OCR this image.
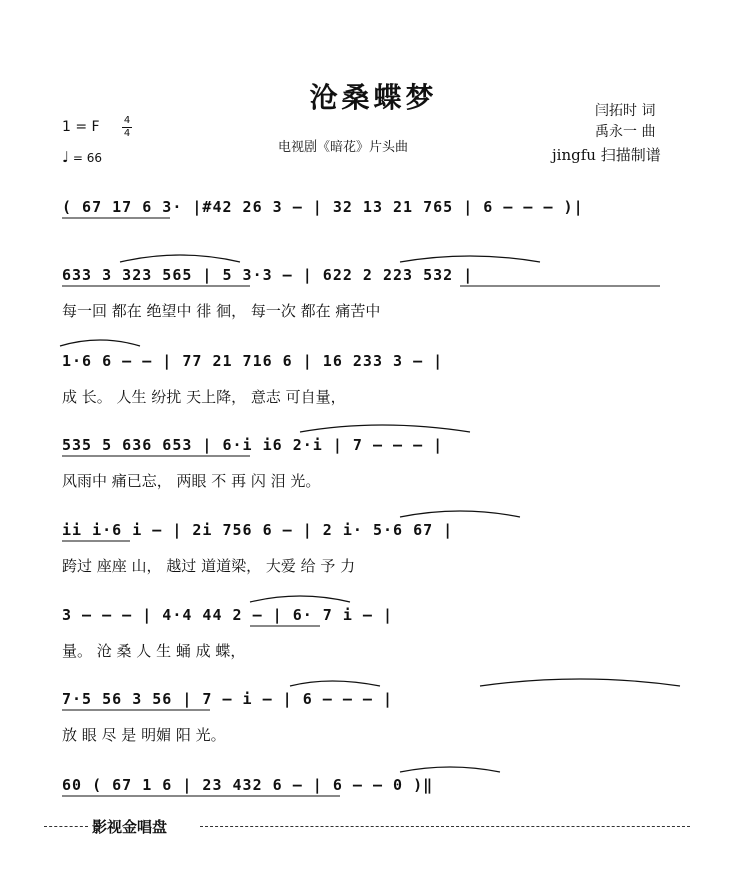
沧桑蝶梦
电视剧《暗花》片头曲
闫拓时 词
禹永一 曲
jingfu 扫描制谱
1 = F 4
4
♩ = 66
( 67 17 6 3· |#42 26 3 – | 32 13 21 765 | 6 – – – )|
633 3 323 565 | 5 3·3 – | 622 2 223 532 |
每一回 都在 绝望中 徘 徊， 每一次 都在 痛苦中
1·6 6 – – | 77 21 716 6 | 16 233 3 – |
成 长。 人生 纷扰 天上降， 意志 可自量，
535 5 636 653 | 6·i i6 2·i | 7 – – – |
风雨中 痛已忘， 两眼 不 再 闪 泪 光。
ii i·6 i – | 2i 756 6 – | 2 i· 5·6 67 |
跨过 座座 山， 越过 道道梁， 大爱 给 予 力
3 – – – | 4·4 44 2 – | 6· 7 i – |
量。 沧 桑 人 生 蛹 成 蝶，
7·5 56 3 56 | 7 – i – | 6 – – – |
放 眼 尽 是 明媚 阳 光。
60 ( 67 1 6 | 23 432 6 – | 6 – – 0 )‖
影视金唱盘
